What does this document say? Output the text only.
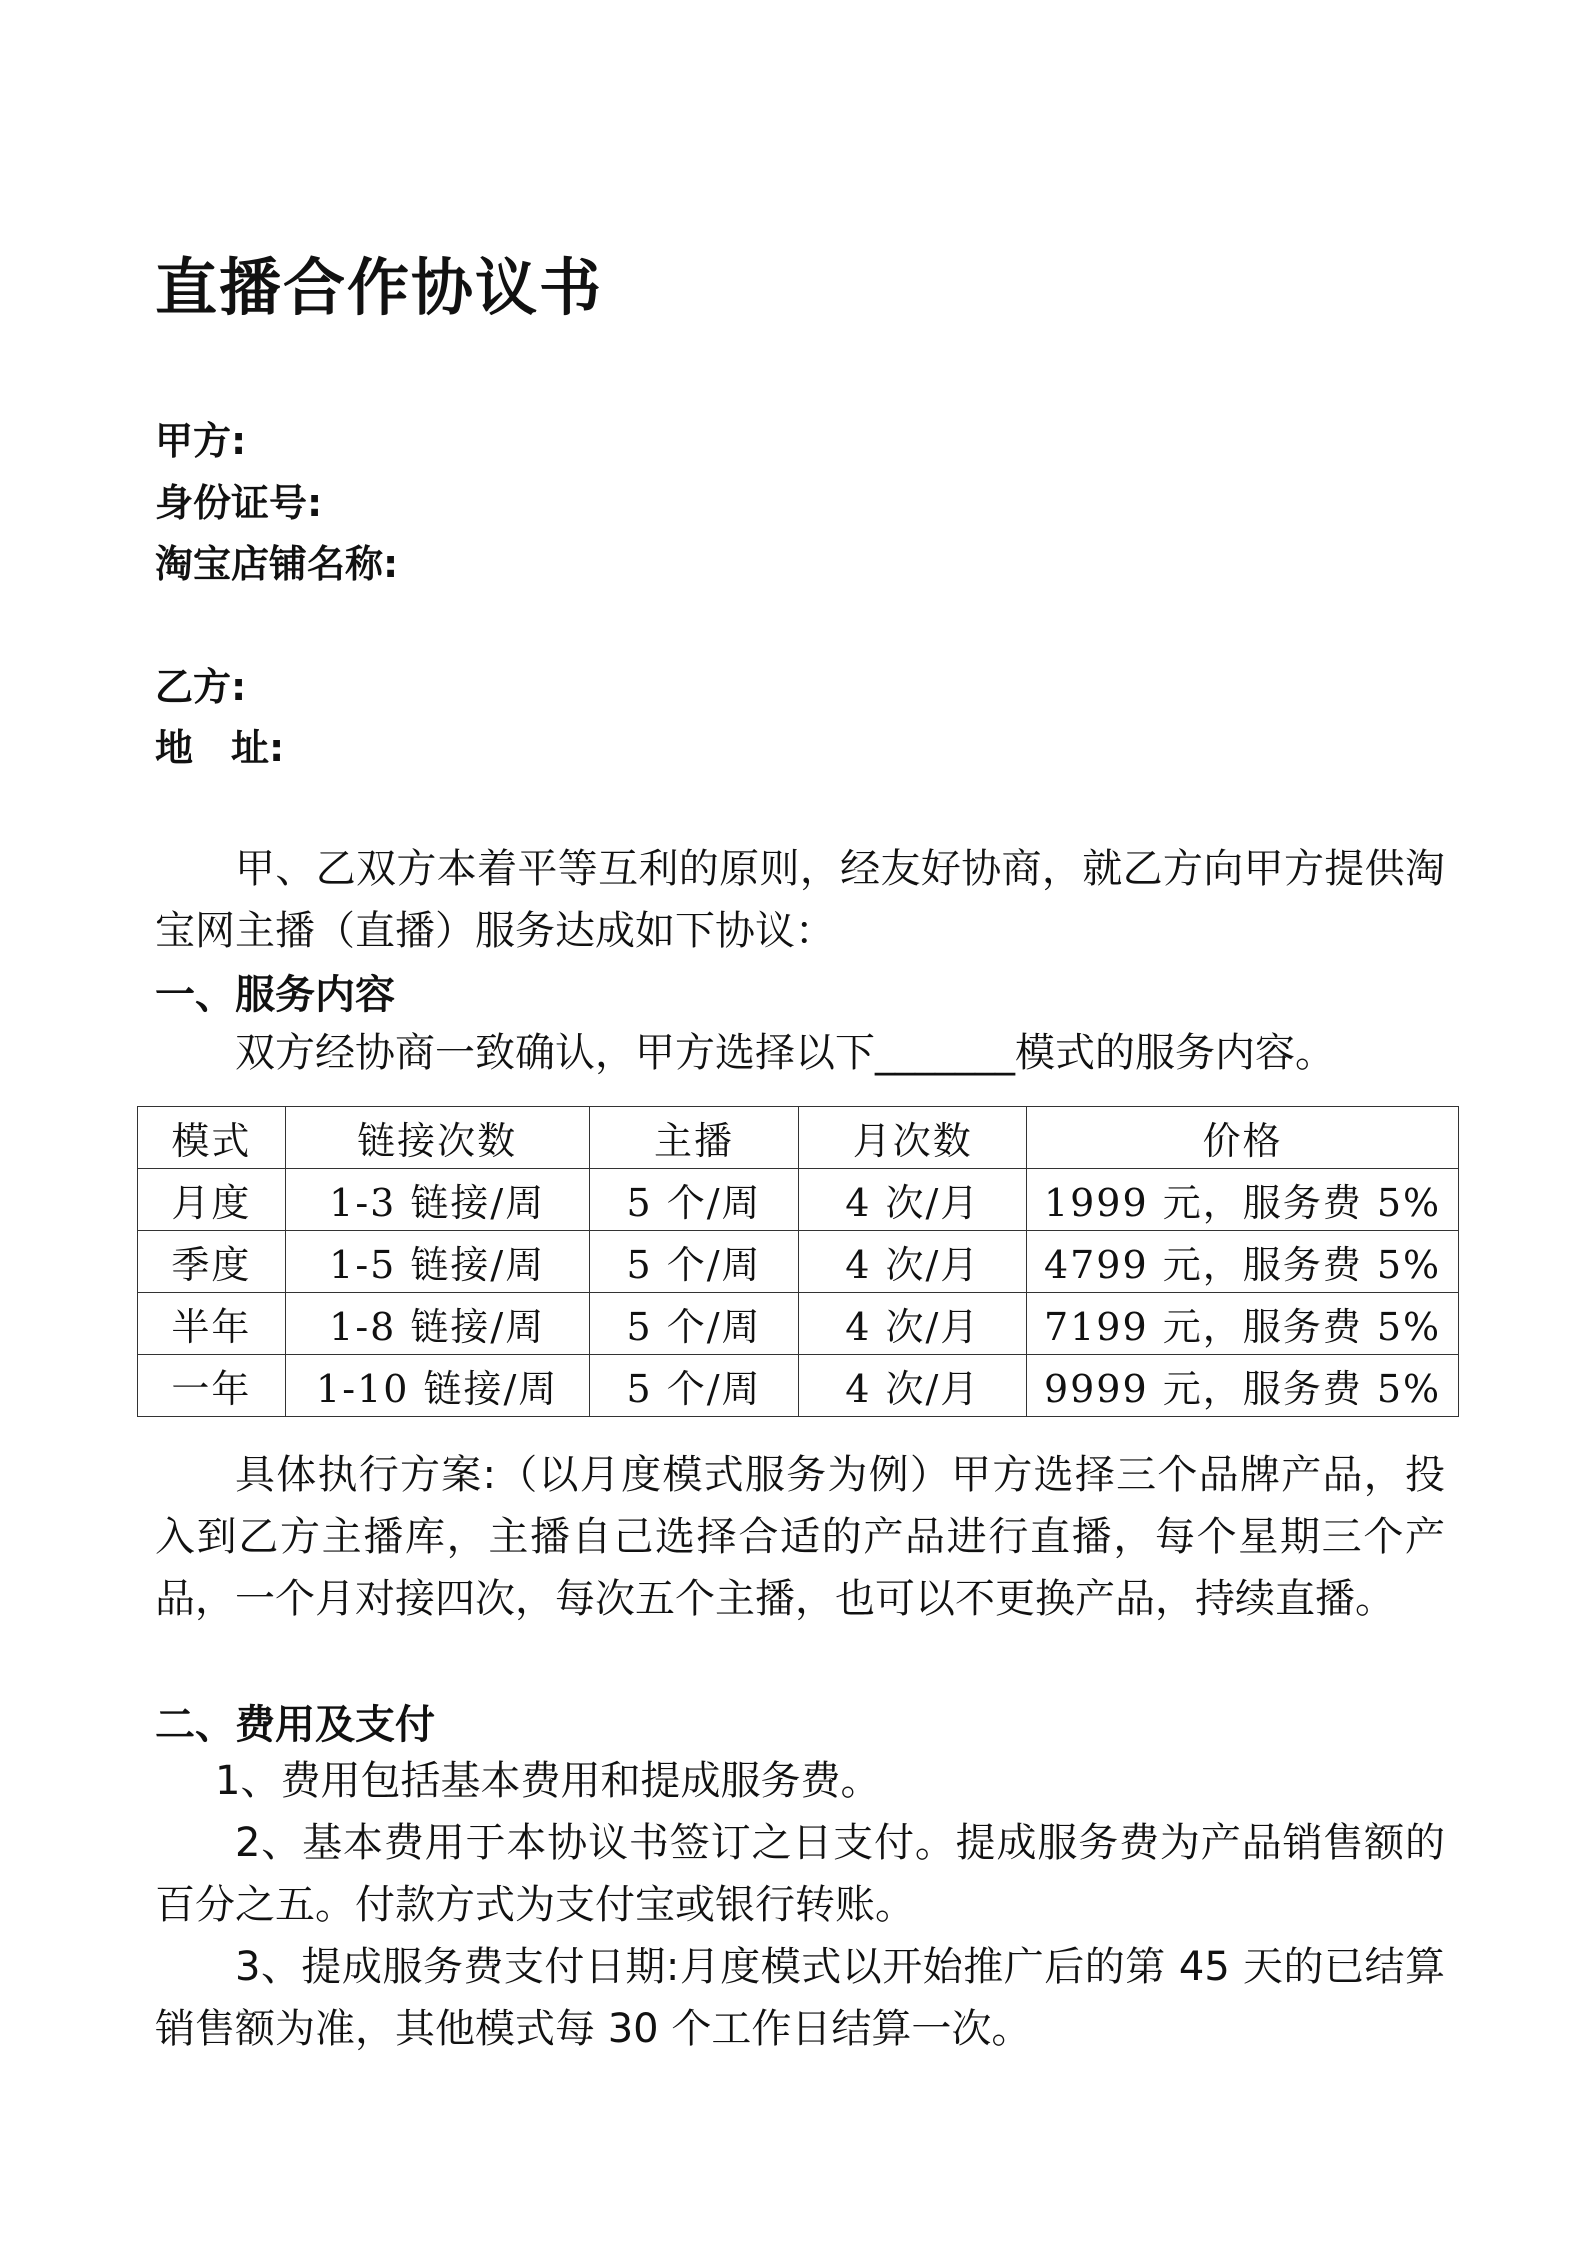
直播合作协议书
甲方:
身份证号:
淘宝店铺名称:
乙方:
地　址:

甲、乙双方本着平等互利的原则，经友好协商，就乙方向甲方提供淘宝网主播（直播）服务达成如下协议：

一、服务内容

双方经协商一致确认，甲方选择以下_______模式的服务内容。

模式	链接次数	主播	月次数	价格
月度	1-3 链接/周	5 个/周	4 次/月	1999 元，服务费 5%
季度	1-5 链接/周	5 个/周	4 次/月	4799 元，服务费 5%
半年	1-8 链接/周	5 个/周	4 次/月	7199 元，服务费 5%
一年	1-10 链接/周	5 个/周	4 次/月	9999 元，服务费 5%

具体执行方案:（以月度模式服务为例）甲方选择三个品牌产品，投入到乙方主播库，主播自己选择合适的产品进行直播，每个星期三个产品，一个月对接四次，每次五个主播，也可以不更换产品，持续直播。

二、费用及支付

1、费用包括基本费用和提成服务费。

2、基本费用于本协议书签订之日支付。提成服务费为产品销售额的百分之五。付款方式为支付宝或银行转账。

3、提成服务费支付日期:月度模式以开始推广后的第 45 天的已结算销售额为准，其他模式每 30 个工作日结算一次。
